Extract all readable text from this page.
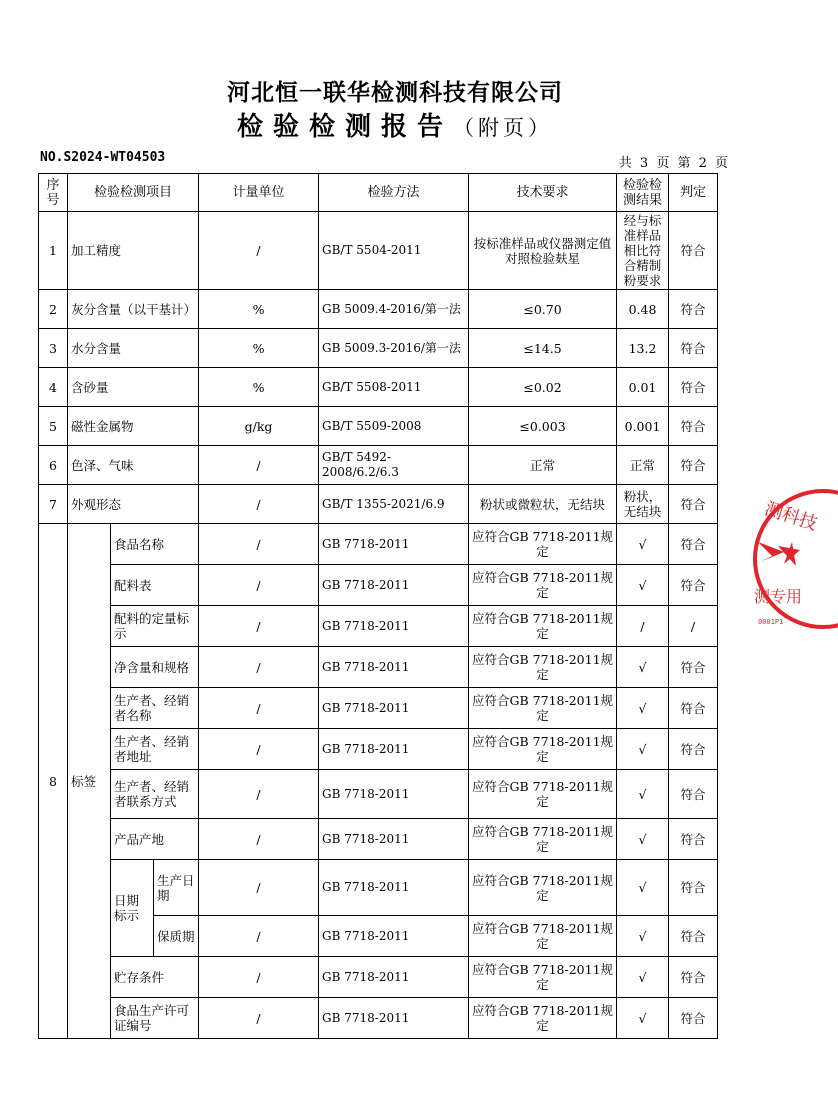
河北恒一联华检测科技有限公司
检验检测报告（附页）
NO.S2024-WT04503	共 3 页 第 2 页
序号	检验检测项目			计量单位	检验方法	技术要求	检验检测结果	判定
1	加工精度			/	GB/T 5504-2011	按标准样品或仪器测定值对照检验麸星	经与标准样品相比符合精制粉要求	符合
2	灰分含量（以干基计）			%	GB 5009.4-2016/第一法	≤0.70	0.48	符合
3	水分含量			%	GB 5009.3-2016/第一法	≤14.5	13.2	符合
4	含砂量			%	GB/T 5508-2011	≤0.02	0.01	符合
5	磁性金属物			g/kg	GB/T 5509-2008	≤0.003	0.001	符合
6	色泽、气味			/	GB/T 5492-2008/6.2/6.3	正常	正常	符合
7	外观形态			/	GB/T 1355-2021/6.9	粉状或微粒状，无结块	粉状，无结块	符合
8	标签	食品名称		/	GB 7718-2011	应符合GB 7718-2011规定	√	符合
		配料表		/	GB 7718-2011	应符合GB 7718-2011规定	√	符合
		配料的定量标示		/	GB 7718-2011	应符合GB 7718-2011规定	/	/
		净含量和规格		/	GB 7718-2011	应符合GB 7718-2011规定	√	符合
		生产者、经销者名称		/	GB 7718-2011	应符合GB 7718-2011规定	√	符合
		生产者、经销者地址		/	GB 7718-2011	应符合GB 7718-2011规定	√	符合
		生产者、经销者联系方式		/	GB 7718-2011	应符合GB 7718-2011规定	√	符合
		产品产地		/	GB 7718-2011	应符合GB 7718-2011规定	√	符合
		日期标示	生产日期	/	GB 7718-2011	应符合GB 7718-2011规定	√	符合
			保质期	/	GB 7718-2011	应符合GB 7718-2011规定	√	符合
		贮存条件		/	GB 7718-2011	应符合GB 7718-2011规定	√	符合
		食品生产许可证编号		/	GB 7718-2011	应符合GB 7718-2011规定	√	符合
测科技
测专用
0001P1
